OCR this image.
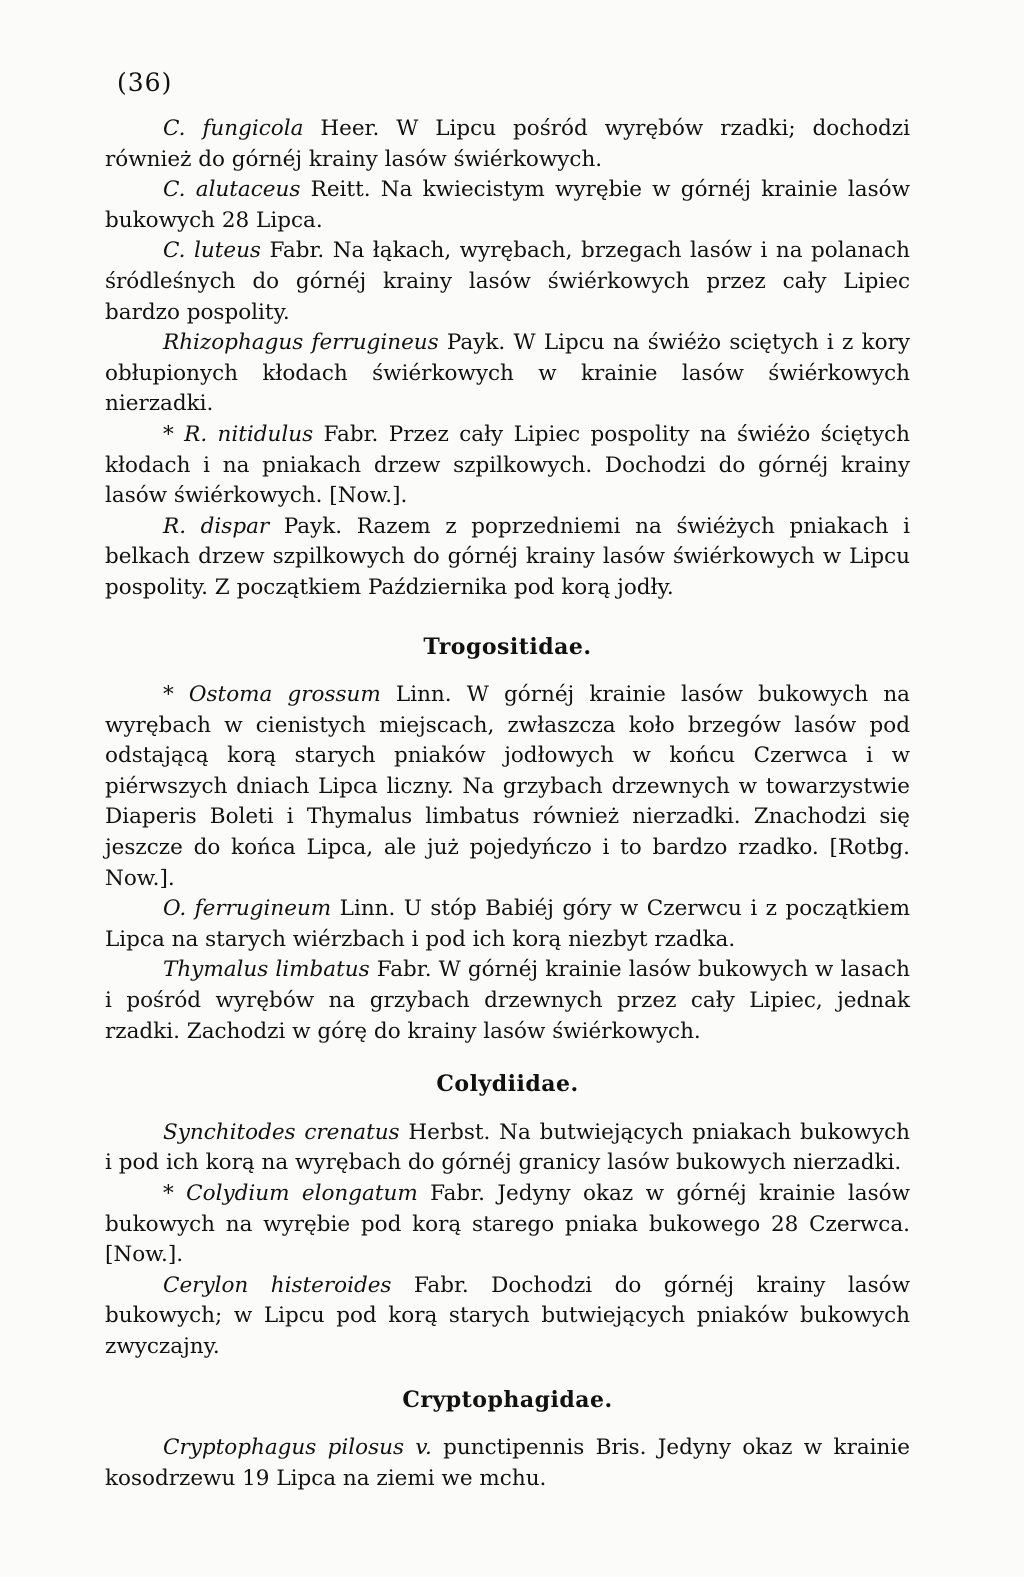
(36)

C. fungicola Heer. W Lipcu pośród wyrębów rzadki; dochodzi również do górnéj krainy lasów świérkowych.

C. alutaceus Reitt. Na kwiecistym wyrębie w górnéj krainie lasów bukowych 28 Lipca.

C. luteus Fabr. Na łąkach, wyrębach, brzegach lasów i na polanach śródleśnych do górnéj krainy lasów świérkowych przez cały Lipiec bardzo pospolity.

Rhizophagus ferrugineus Payk. W Lipcu na świéżo sciętych i z kory obłupionych kłodach świérkowych w krainie lasów świérkowych nierzadki.

* R. nitidulus Fabr. Przez cały Lipiec pospolity na świéżo ściętych kłodach i na pniakach drzew szpilkowych. Dochodzi do górnéj krainy lasów świérkowych. [Now.].

R. dispar Payk. Razem z poprzedniemi na świéżych pniakach i belkach drzew szpilkowych do górnéj krainy lasów świérkowych w Lipcu pospolity. Z początkiem Października pod korą jodły.

Trogositidae.

* Ostoma grossum Linn. W górnéj krainie lasów bukowych na wyrębach w cienistych miejscach, zwłaszcza koło brzegów lasów pod odstającą korą starych pniaków jodłowych w końcu Czerwca i w piérwszych dniach Lipca liczny. Na grzybach drzewnych w towarzystwie Diaperis Boleti i Thymalus limbatus również nierzadki. Znachodzi się jeszcze do końca Lipca, ale już pojedyńczo i to bardzo rzadko. [Rotbg. Now.].

O. ferrugineum Linn. U stóp Babiéj góry w Czerwcu i z początkiem Lipca na starych wiérzbach i pod ich korą niezbyt rzadka.

Thymalus limbatus Fabr. W górnéj krainie lasów bukowych w lasach i pośród wyrębów na grzybach drzewnych przez cały Lipiec, jednak rzadki. Zachodzi w górę do krainy lasów świérkowych.

Colydiidae.

Synchitodes crenatus Herbst. Na butwiejących pniakach bukowych i pod ich korą na wyrębach do górnéj granicy lasów bukowych nierzadki.

* Colydium elongatum Fabr. Jedyny okaz w górnéj krainie lasów bukowych na wyrębie pod korą starego pniaka bukowego 28 Czerwca. [Now.].

Cerylon histeroides Fabr. Dochodzi do górnéj krainy lasów bukowych; w Lipcu pod korą starych butwiejących pniaków bukowych zwyczajny.

Cryptophagidae.

Cryptophagus pilosus v. punctipennis Bris. Jedyny okaz w krainie kosodrzewu 19 Lipca na ziemi we mchu.
